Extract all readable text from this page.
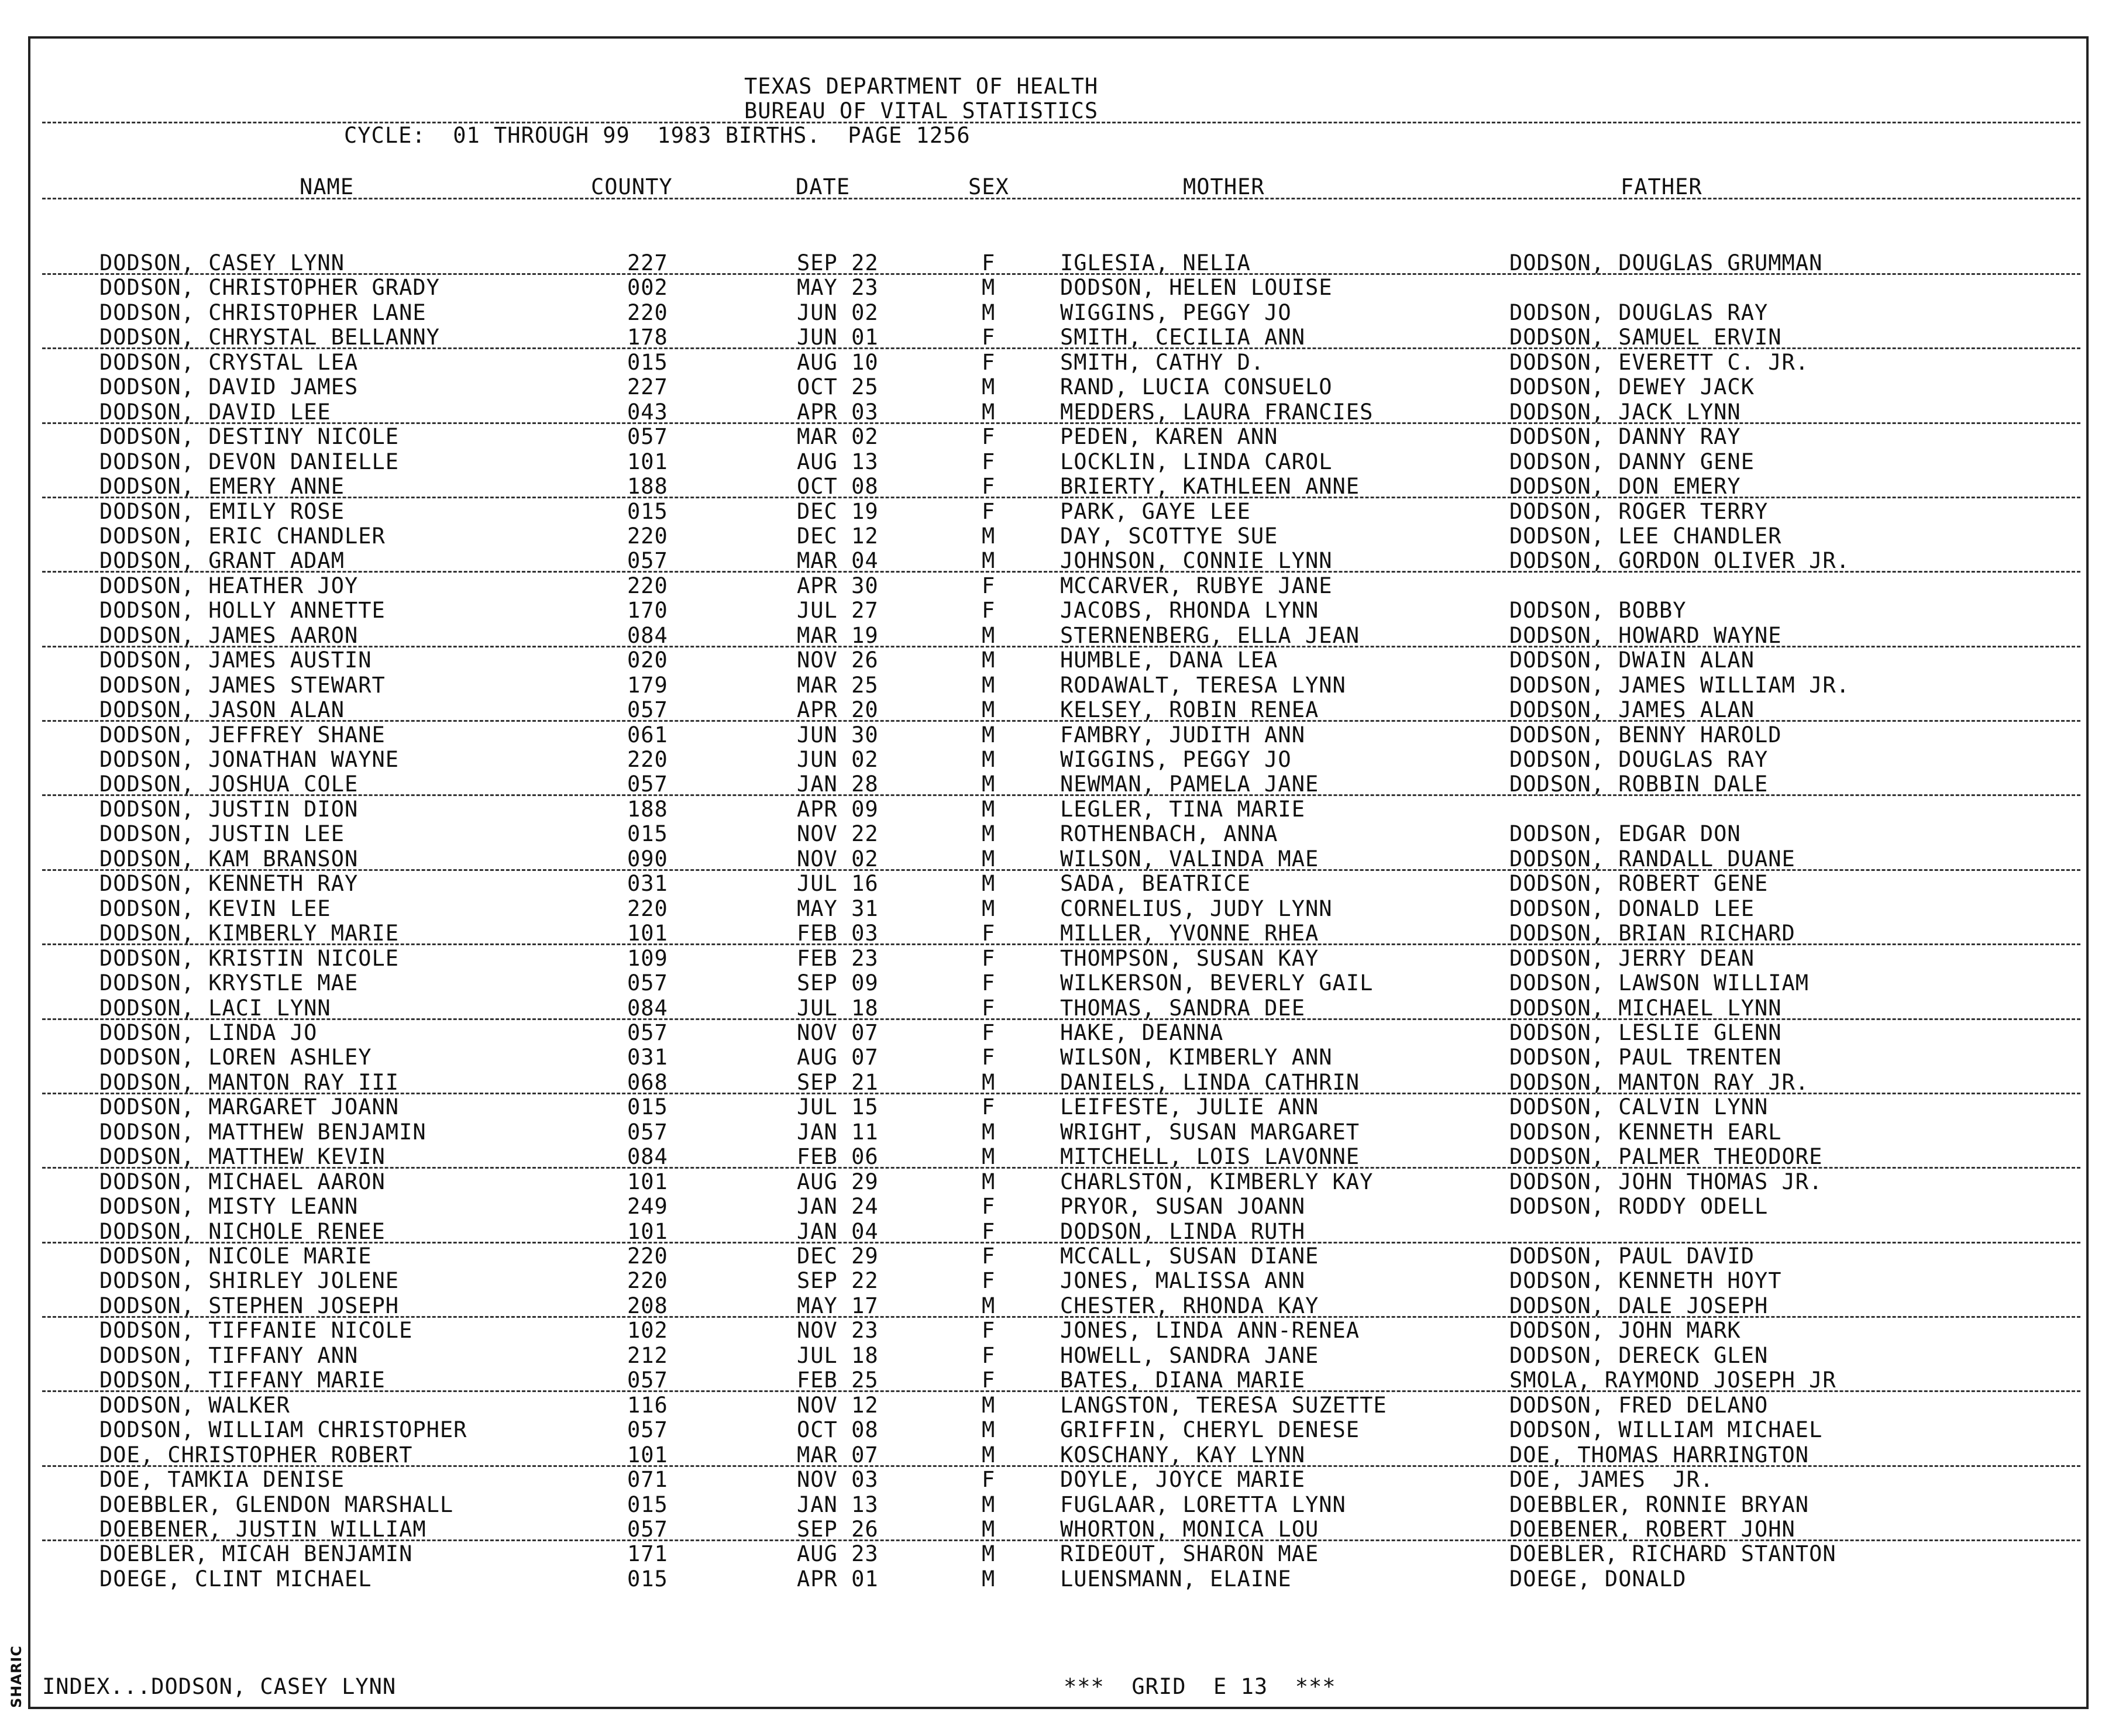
TEXAS DEPARTMENT OF HEALTH
BUREAU OF VITAL STATISTICS
CYCLE:  01 THROUGH 99  1983 BIRTHS.  PAGE 1256
NAME	COUNTY	DATE	SEX	MOTHER	FATHER
DODSON, CASEY LYNN	227	SEP 22	F	IGLESIA, NELIA	DODSON, DOUGLAS GRUMMAN
DODSON, CHRISTOPHER GRADY	002	MAY 23	M	DODSON, HELEN LOUISE
DODSON, CHRISTOPHER LANE	220	JUN 02	M	WIGGINS, PEGGY JO	DODSON, DOUGLAS RAY
DODSON, CHRYSTAL BELLANNY	178	JUN 01	F	SMITH, CECILIA ANN	DODSON, SAMUEL ERVIN
DODSON, CRYSTAL LEA	015	AUG 10	F	SMITH, CATHY D.	DODSON, EVERETT C. JR.
DODSON, DAVID JAMES	227	OCT 25	M	RAND, LUCIA CONSUELO	DODSON, DEWEY JACK
DODSON, DAVID LEE	043	APR 03	M	MEDDERS, LAURA FRANCIES	DODSON, JACK LYNN
DODSON, DESTINY NICOLE	057	MAR 02	F	PEDEN, KAREN ANN	DODSON, DANNY RAY
DODSON, DEVON DANIELLE	101	AUG 13	F	LOCKLIN, LINDA CAROL	DODSON, DANNY GENE
DODSON, EMERY ANNE	188	OCT 08	F	BRIERTY, KATHLEEN ANNE	DODSON, DON EMERY
DODSON, EMILY ROSE	015	DEC 19	F	PARK, GAYE LEE	DODSON, ROGER TERRY
DODSON, ERIC CHANDLER	220	DEC 12	M	DAY, SCOTTYE SUE	DODSON, LEE CHANDLER
DODSON, GRANT ADAM	057	MAR 04	M	JOHNSON, CONNIE LYNN	DODSON, GORDON OLIVER JR.
DODSON, HEATHER JOY	220	APR 30	F	MCCARVER, RUBYE JANE
DODSON, HOLLY ANNETTE	170	JUL 27	F	JACOBS, RHONDA LYNN	DODSON, BOBBY
DODSON, JAMES AARON	084	MAR 19	M	STERNENBERG, ELLA JEAN	DODSON, HOWARD WAYNE
DODSON, JAMES AUSTIN	020	NOV 26	M	HUMBLE, DANA LEA	DODSON, DWAIN ALAN
DODSON, JAMES STEWART	179	MAR 25	M	RODAWALT, TERESA LYNN	DODSON, JAMES WILLIAM JR.
DODSON, JASON ALAN	057	APR 20	M	KELSEY, ROBIN RENEA	DODSON, JAMES ALAN
DODSON, JEFFREY SHANE	061	JUN 30	M	FAMBRY, JUDITH ANN	DODSON, BENNY HAROLD
DODSON, JONATHAN WAYNE	220	JUN 02	M	WIGGINS, PEGGY JO	DODSON, DOUGLAS RAY
DODSON, JOSHUA COLE	057	JAN 28	M	NEWMAN, PAMELA JANE	DODSON, ROBBIN DALE
DODSON, JUSTIN DION	188	APR 09	M	LEGLER, TINA MARIE
DODSON, JUSTIN LEE	015	NOV 22	M	ROTHENBACH, ANNA	DODSON, EDGAR DON
DODSON, KAM BRANSON	090	NOV 02	M	WILSON, VALINDA MAE	DODSON, RANDALL DUANE
DODSON, KENNETH RAY	031	JUL 16	M	SADA, BEATRICE	DODSON, ROBERT GENE
DODSON, KEVIN LEE	220	MAY 31	M	CORNELIUS, JUDY LYNN	DODSON, DONALD LEE
DODSON, KIMBERLY MARIE	101	FEB 03	F	MILLER, YVONNE RHEA	DODSON, BRIAN RICHARD
DODSON, KRISTIN NICOLE	109	FEB 23	F	THOMPSON, SUSAN KAY	DODSON, JERRY DEAN
DODSON, KRYSTLE MAE	057	SEP 09	F	WILKERSON, BEVERLY GAIL	DODSON, LAWSON WILLIAM
DODSON, LACI LYNN	084	JUL 18	F	THOMAS, SANDRA DEE	DODSON, MICHAEL LYNN
DODSON, LINDA JO	057	NOV 07	F	HAKE, DEANNA	DODSON, LESLIE GLENN
DODSON, LOREN ASHLEY	031	AUG 07	F	WILSON, KIMBERLY ANN	DODSON, PAUL TRENTEN
DODSON, MANTON RAY III	068	SEP 21	M	DANIELS, LINDA CATHRIN	DODSON, MANTON RAY JR.
DODSON, MARGARET JOANN	015	JUL 15	F	LEIFESTE, JULIE ANN	DODSON, CALVIN LYNN
DODSON, MATTHEW BENJAMIN	057	JAN 11	M	WRIGHT, SUSAN MARGARET	DODSON, KENNETH EARL
DODSON, MATTHEW KEVIN	084	FEB 06	M	MITCHELL, LOIS LAVONNE	DODSON, PALMER THEODORE
DODSON, MICHAEL AARON	101	AUG 29	M	CHARLSTON, KIMBERLY KAY	DODSON, JOHN THOMAS JR.
DODSON, MISTY LEANN	249	JAN 24	F	PRYOR, SUSAN JOANN	DODSON, RODDY ODELL
DODSON, NICHOLE RENEE	101	JAN 04	F	DODSON, LINDA RUTH
DODSON, NICOLE MARIE	220	DEC 29	F	MCCALL, SUSAN DIANE	DODSON, PAUL DAVID
DODSON, SHIRLEY JOLENE	220	SEP 22	F	JONES, MALISSA ANN	DODSON, KENNETH HOYT
DODSON, STEPHEN JOSEPH	208	MAY 17	M	CHESTER, RHONDA KAY	DODSON, DALE JOSEPH
DODSON, TIFFANIE NICOLE	102	NOV 23	F	JONES, LINDA ANN-RENEA	DODSON, JOHN MARK
DODSON, TIFFANY ANN	212	JUL 18	F	HOWELL, SANDRA JANE	DODSON, DERECK GLEN
DODSON, TIFFANY MARIE	057	FEB 25	F	BATES, DIANA MARIE	SMOLA, RAYMOND JOSEPH JR
DODSON, WALKER	116	NOV 12	M	LANGSTON, TERESA SUZETTE	DODSON, FRED DELANO
DODSON, WILLIAM CHRISTOPHER	057	OCT 08	M	GRIFFIN, CHERYL DENESE	DODSON, WILLIAM MICHAEL
DOE, CHRISTOPHER ROBERT	101	MAR 07	M	KOSCHANY, KAY LYNN	DOE, THOMAS HARRINGTON
DOE, TAMKIA DENISE	071	NOV 03	F	DOYLE, JOYCE MARIE	DOE, JAMES  JR.
DOEBBLER, GLENDON MARSHALL	015	JAN 13	M	FUGLAAR, LORETTA LYNN	DOEBBLER, RONNIE BRYAN
DOEBENER, JUSTIN WILLIAM	057	SEP 26	M	WHORTON, MONICA LOU	DOEBENER, ROBERT JOHN
DOEBLER, MICAH BENJAMIN	171	AUG 23	M	RIDEOUT, SHARON MAE	DOEBLER, RICHARD STANTON
DOEGE, CLINT MICHAEL	015	APR 01	M	LUENSMANN, ELAINE	DOEGE, DONALD
INDEX...DODSON, CASEY LYNN	***  GRID  E 13  ***
SHARIC
